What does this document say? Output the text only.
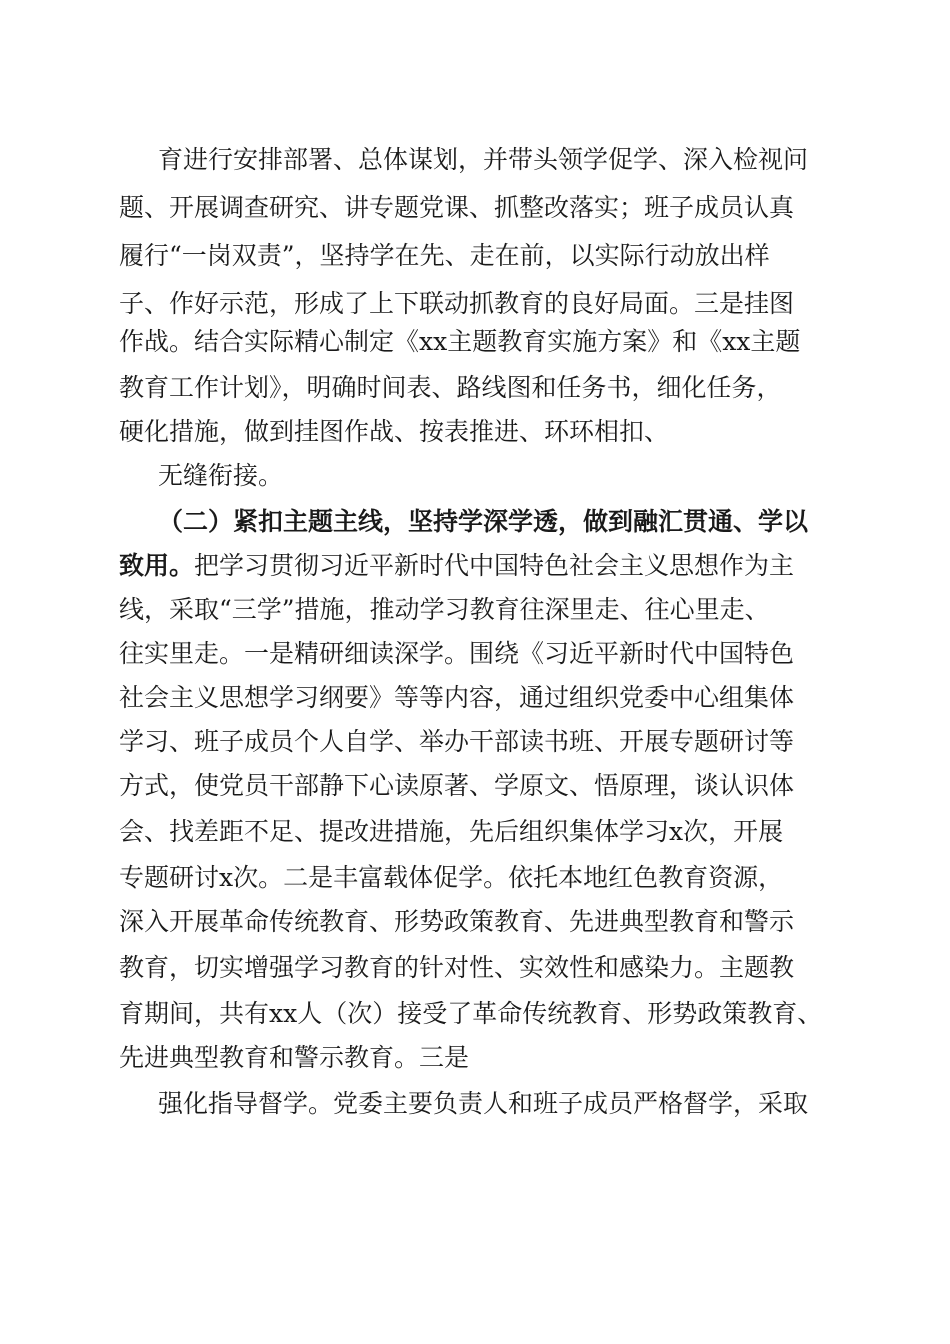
育进行安排部署、总体谋划，并带头领学促学、深入检视问
题、开展调查研究、讲专题党课、抓整改落实；班子成员认真
履行“一岗双责”，坚持学在先、走在前，以实际行动放出样
子、作好示范，形成了上下联动抓教育的良好局面。三是挂图
作战。结合实际精心制定《xx主题教育实施方案》和《xx主题
教育工作计划》，明确时间表、路线图和任务书，细化任务，
硬化措施，做到挂图作战、按表推进、环环相扣、
无缝衔接。
（二）紧扣主题主线，坚持学深学透，做到融汇贯通、学以
致用。把学习贯彻习近平新时代中国特色社会主义思想作为主
线，采取“三学”措施，推动学习教育往深里走、往心里走、
往实里走。一是精研细读深学。围绕《习近平新时代中国特色
社会主义思想学习纲要》等等内容，通过组织党委中心组集体
学习、班子成员个人自学、举办干部读书班、开展专题研讨等
方式，使党员干部静下心读原著、学原文、悟原理，谈认识体
会、找差距不足、提改进措施，先后组织集体学习x次，开展
专题研讨x次。二是丰富载体促学。依托本地红色教育资源，
深入开展革命传统教育、形势政策教育、先进典型教育和警示
教育，切实增强学习教育的针对性、实效性和感染力。主题教
育期间，共有xx人（次）接受了革命传统教育、形势政策教育、
先进典型教育和警示教育。三是
强化指导督学。党委主要负责人和班子成员严格督学，采取
